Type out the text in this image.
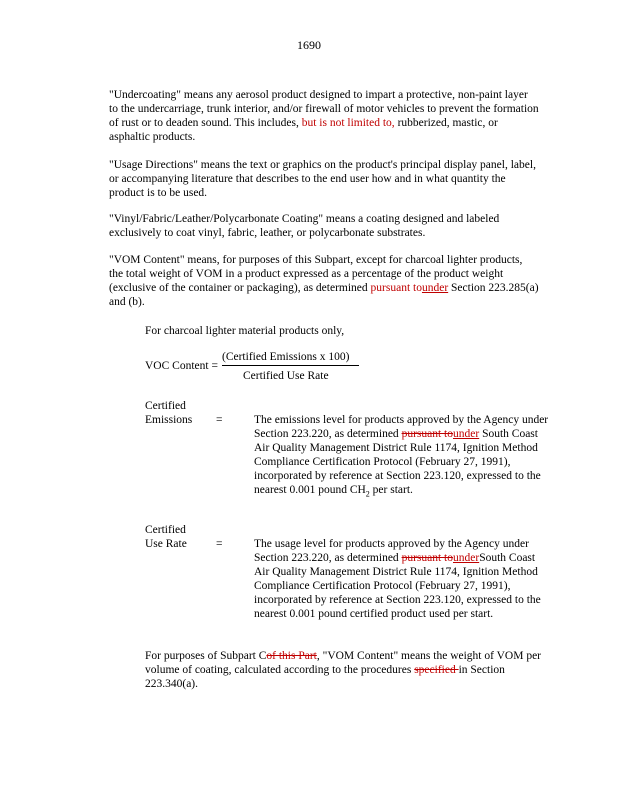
1690

"Undercoating" means any aerosol product designed to impart a protective, non-paint layer to the undercarriage, trunk interior, and/or firewall of motor vehicles to prevent the formation of rust or to deaden sound. This includes, but is not limited to, rubberized, mastic, or asphaltic products.

"Usage Directions" means the text or graphics on the product's principal display panel, label, or accompanying literature that describes to the end user how and in what quantity the product is to be used.

"Vinyl/Fabric/Leather/Polycarbonate Coating" means a coating designed and labeled exclusively to coat vinyl, fabric, leather, or polycarbonate substrates.

"VOM Content" means, for purposes of this Subpart, except for charcoal lighter products, the total weight of VOM in a product expressed as a percentage of the product weight (exclusive of the container or packaging), as determined pursuant tounder Section 223.285(a) and (b).

For charcoal lighter material products only,
VOC Content =
(Certified Emissions x 100)
Certified Use Rate
Certified
Emissions	=	The emissions level for products approved by the Agency under Section 223.220, as determined pursuant tounder South Coast Air Quality Management District Rule 1174, Ignition Method Compliance Certification Protocol (February 27, 1991), incorporated by reference at Section 223.120, expressed to the nearest 0.001 pound $CH_2$ per start.
Certified
Use Rate	=	The usage level for products approved by the Agency under Section 223.220, as determined pursuant tounderSouth Coast Air Quality Management District Rule 1174, Ignition Method Compliance Certification Protocol (February 27, 1991), incorporated by reference at Section 223.120, expressed to the nearest 0.001 pound certified product used per start.
For purposes of Subpart Cof this Part, "VOM Content" means the weight of VOM per volume of coating, calculated according to the procedures specified in Section 223.340(a).
